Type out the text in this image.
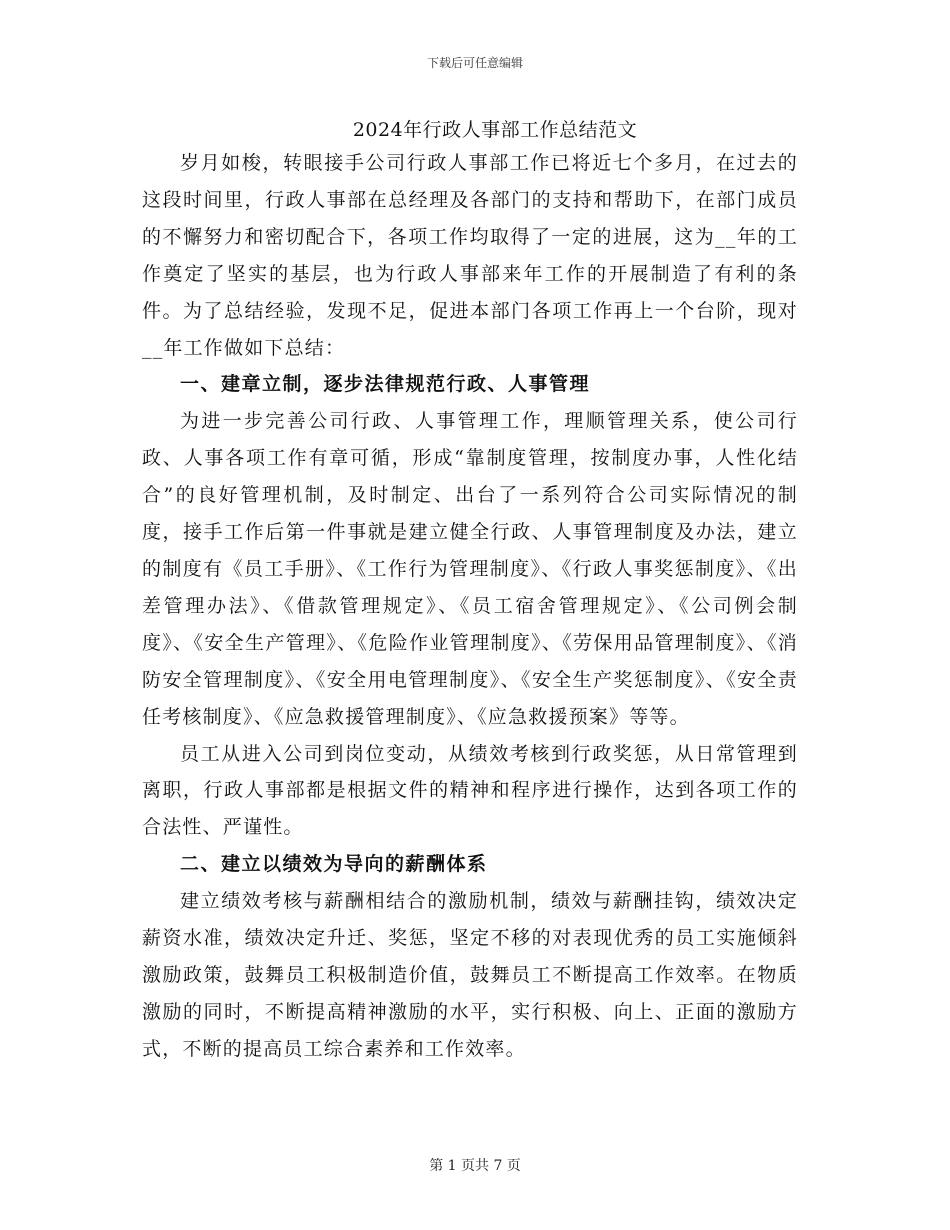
下载后可任意编辑
2024年行政人事部工作总结范文

岁月如梭，转眼接手公司行政人事部工作已将近七个多月，在过去的这段时间里，行政人事部在总经理及各部门的支持和帮助下，在部门成员的不懈努力和密切配合下，各项工作均取得了一定的进展，这为__年的工作奠定了坚实的基层，也为行政人事部来年工作的开展制造了有利的条件。为了总结经验，发现不足，促进本部门各项工作再上一个台阶，现对__年工作做如下总结：

一、建章立制，逐步法律规范行政、人事管理

为进一步完善公司行政、人事管理工作，理顺管理关系，使公司行政、人事各项工作有章可循，形成“靠制度管理，按制度办事，人性化结合”的良好管理机制，及时制定、出台了一系列符合公司实际情况的制度，接手工作后第一件事就是建立健全行政、人事管理制度及办法，建立的制度有《员工手册》、《工作行为管理制度》、《行政人事奖惩制度》、《出差管理办法》、《借款管理规定》、《员工宿舍管理规定》、《公司例会制度》、《安全生产管理》、《危险作业管理制度》、《劳保用品管理制度》、《消防安全管理制度》、《安全用电管理制度》、《安全生产奖惩制度》、《安全责任考核制度》、《应急救援管理制度》、《应急救援预案》等等。

员工从进入公司到岗位变动，从绩效考核到行政奖惩，从日常管理到离职，行政人事部都是根据文件的精神和程序进行操作，达到各项工作的合法性、严谨性。

二、建立以绩效为导向的薪酬体系

建立绩效考核与薪酬相结合的激励机制，绩效与薪酬挂钩，绩效决定薪资水准，绩效决定升迁、奖惩，坚定不移的对表现优秀的员工实施倾斜激励政策，鼓舞员工积极制造价值，鼓舞员工不断提高工作效率。在物质激励的同时，不断提高精神激励的水平，实行积极、向上、正面的激励方式，不断的提高员工综合素养和工作效率。

第 1 页共 7 页
